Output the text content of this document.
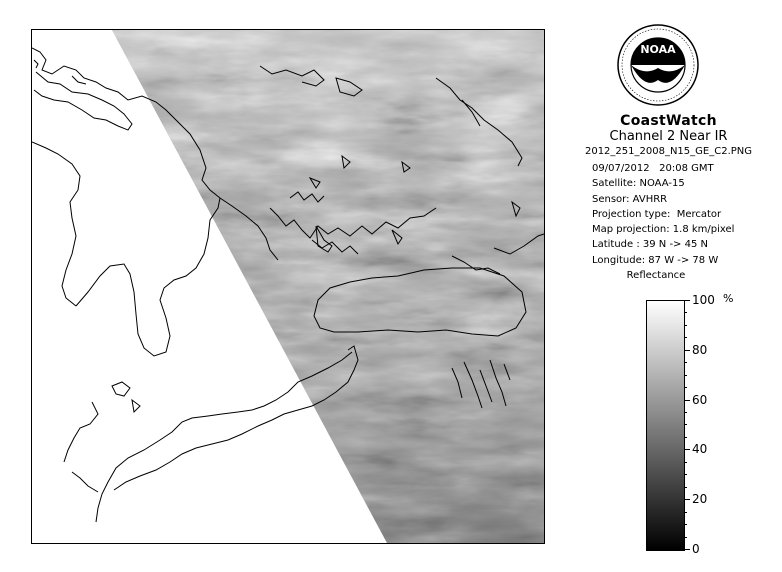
NOAA
CoastWatch
Channel 2 Near IR
2012_251_2008_N15_GE_C2.PNG
09/07/2012   20:08 GMT
Satellite: NOAA-15
Sensor: AVHRR
Projection type:  Mercator
Map projection: 1.8 km/pixel
Latitude : 39 N -> 45 N
Longitude: 87 W -> 78 W
Reflectance
%
100
80
60
40
20
0
